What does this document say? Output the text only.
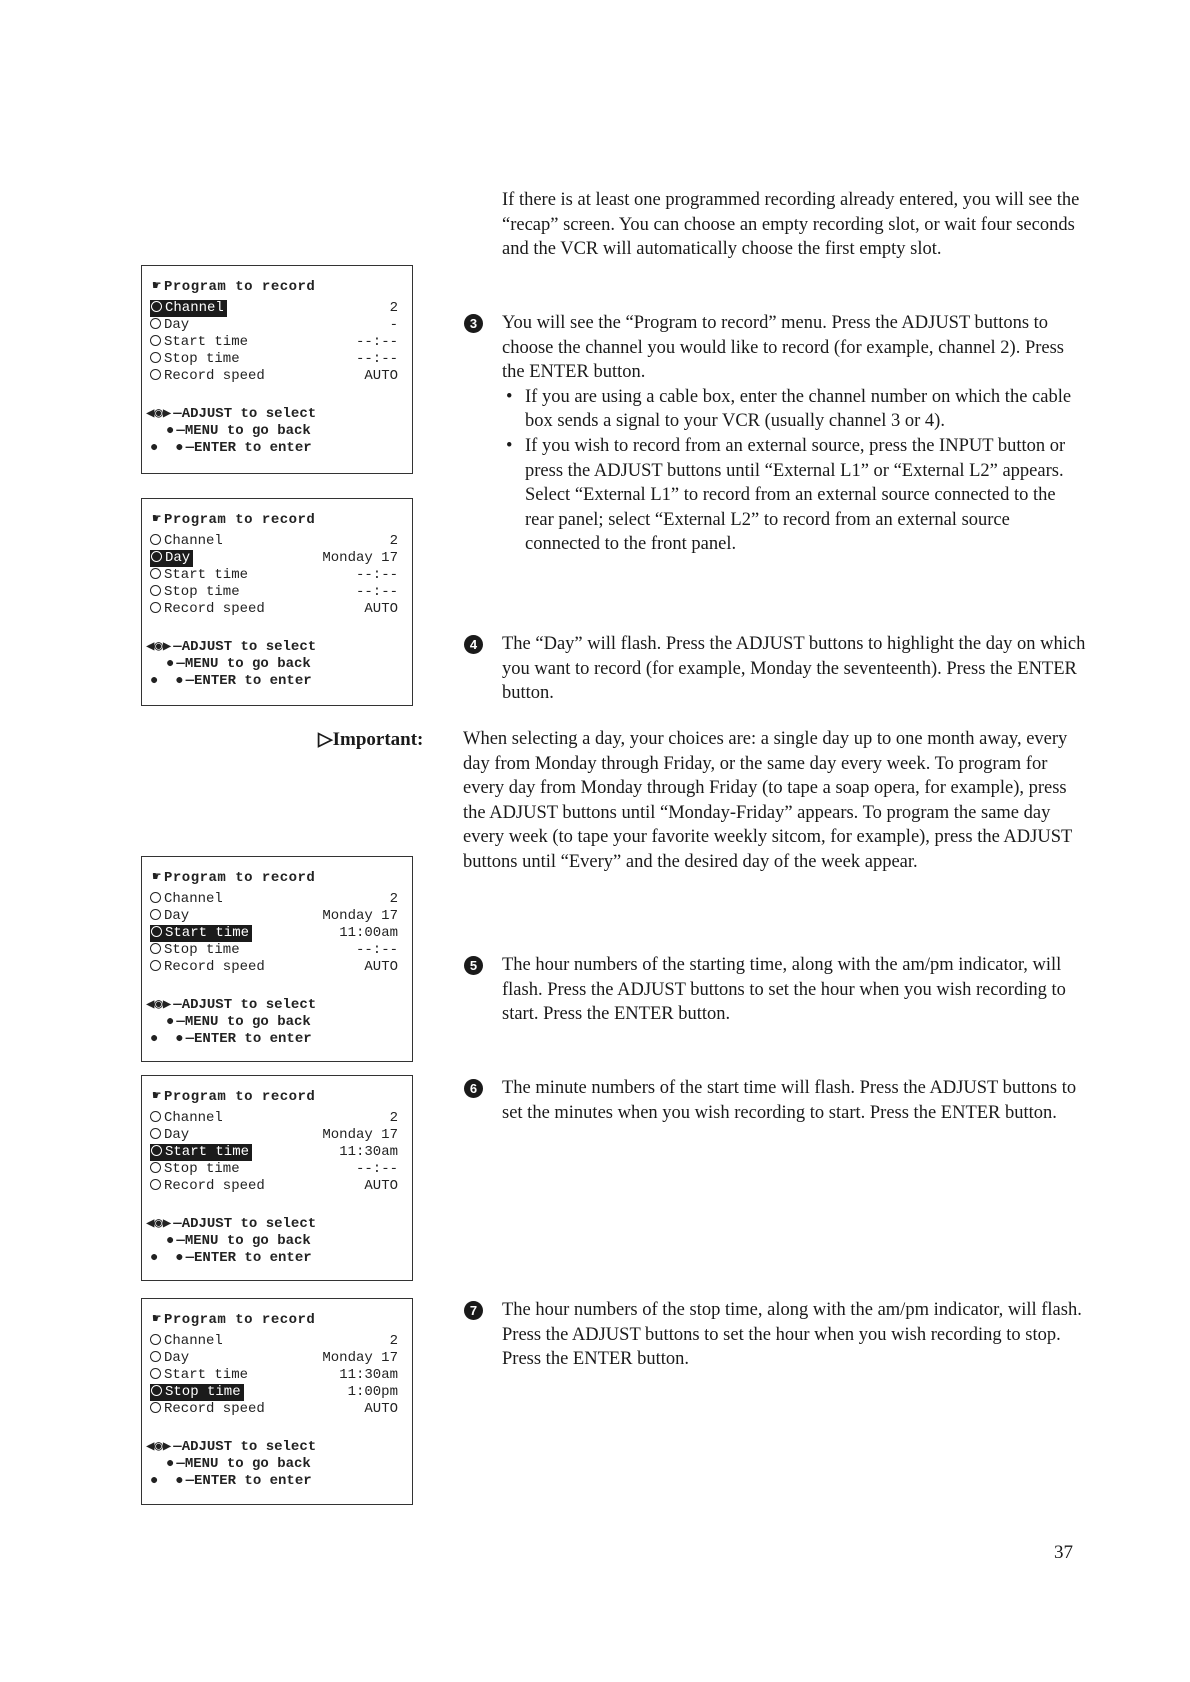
☛ Program to record
Channel	2
Day	-
Start time	--:--
Stop time	--:--
Record speed	AUTO
◀◉▶ —ADJUST to select
● —MENU to go back
●  ● —ENTER to enter
☛ Program to record
Channel	2
Day	Monday 17
Start time	--:--
Stop time	--:--
Record speed	AUTO
◀◉▶ —ADJUST to select
● —MENU to go back
●  ● —ENTER to enter
☛ Program to record
Channel	2
Day	Monday 17
Start time	11:00am
Stop time	--:--
Record speed	AUTO
◀◉▶ —ADJUST to select
● —MENU to go back
●  ● —ENTER to enter
☛ Program to record
Channel	2
Day	Monday 17
Start time	11:30am
Stop time	--:--
Record speed	AUTO
◀◉▶ —ADJUST to select
● —MENU to go back
●  ● —ENTER to enter
☛ Program to record
Channel	2
Day	Monday 17
Start time	11:30am
Stop time	1:00pm
Record speed	AUTO
◀◉▶ —ADJUST to select
● —MENU to go back
●  ● —ENTER to enter
If there is at least one programmed recording already entered, you will see the “recap” screen. You can choose an empty recording slot, or wait four seconds and the VCR will automatically choose the first empty slot.
3	You will see the “Program to record” menu. Press the ADJUST buttons to choose the channel you would like to record (for example, channel 2). Press the ENTER button.
• If you are using a cable box, enter the channel number on which the cable box sends a signal to your VCR (usually channel 3 or 4).
• If you wish to record from an external source, press the INPUT button or press the ADJUST buttons until “External L1” or “External L2” appears. Select “External L1” to record from an external source connected to the rear panel; select “External L2” to record from an external source connected to the front panel.
4	The “Day” will flash. Press the ADJUST buttons to highlight the day on which you want to record (for example, Monday the seventeenth). Press the ENTER button.
5	The hour numbers of the starting time, along with the am/pm indicator, will flash. Press the ADJUST buttons to set the hour when you wish recording to start. Press the ENTER button.
6	The minute numbers of the start time will flash. Press the ADJUST buttons to set the minutes when you wish recording to start. Press the ENTER button.
7	The hour numbers of the stop time, along with the am/pm indicator, will flash. Press the ADJUST buttons to set the hour when you wish recording to stop. Press the ENTER button.
▷Important: When selecting a day, your choices are: a single day up to one month away, every day from Monday through Friday, or the same day every week. To program for every day from Monday through Friday (to tape a soap opera, for example), press the ADJUST buttons until “Monday-Friday” appears. To program the same day every week (to tape your favorite weekly sitcom, for example), press the ADJUST buttons until “Every” and the desired day of the week appear.
37
